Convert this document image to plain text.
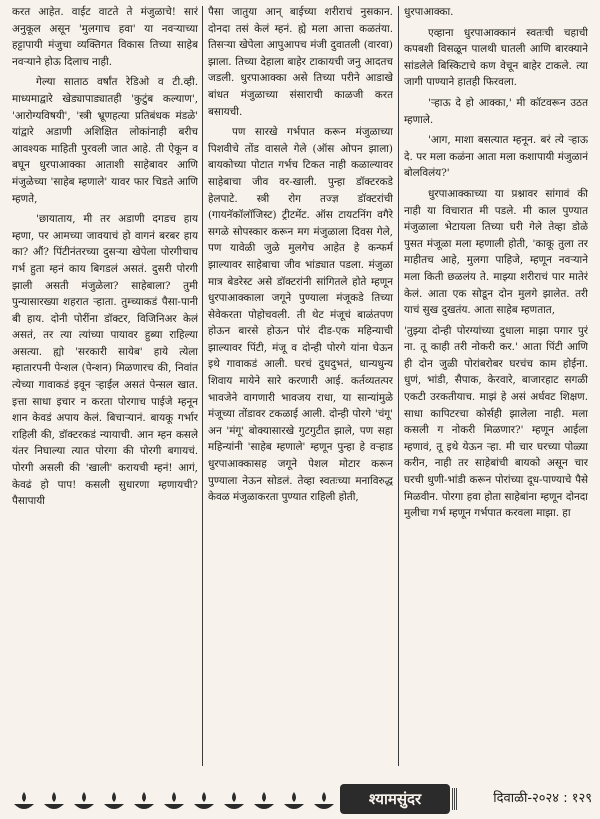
करत आहेत. वाईट वाटते ते मंजुळाचे! सारं अनुकूल असून 'मुलगाच हवा' या नवऱ्याच्या हट्टापायी मंजुचा व्यक्तिगत विकास तिच्या साहेब नवऱ्याने होऊ दिलाच नाही.

गेल्या साताठ वर्षांत रेडिओ व टी.व्ही. माध्यमाद्वारे खेड्यापाड्यातही 'कुटुंब कल्याण', 'आरोग्यविषयी', 'स्त्री भ्रूणहत्या प्रतिबंधक मंडळे' यांद्वारे अडाणी अशिक्षित लोकांनाही बरीच आवश्यक माहिती पुरवली जात आहे. ती ऐकून व बघून धुरपाआक्का आताशी साहेबावर आणि मंजुळेच्या 'साहेब म्हणाले' यावर फार चिडते आणि म्हणते,

'छायाताय, मी तर अडाणी दगडच हाय म्हणा, पर आमच्या जावयाचं हो वागनं बरबर हाय का? औं? पिंटीनंतरच्या दुसऱ्या खेपेला पोरगीचाच गर्भ हुता म्हनं काय बिगडलं असतं. दुसरी पोरगी झाली असती मंजुळेला? साहेबाला? तुमी पुन्यासारख्या शहरात ऱ्हाता. तुम्च्याकडं पैसा-पानी बी हाय. दोनी पोरींना डॉक्टर, विजिनिअर केलं असतं, तर त्या त्यांच्या पायावर हुब्या राहिल्या असत्या. ह्यो 'सरकारी सायेब' हाये त्येला म्हातारपनी पेन्शल (पेन्शन) मिळणारच की, निवांत त्येच्या गावाकडं इवून ऱ्हाईल असतं पेन्सल खात. इत्ता साधा इचार न करता पोरगाच पाईजे म्हनून शान केवडं अपाय केलं. बिचाऱ्यानं. बायकू गर्भार राहिली की, डॉक्टरकडं न्यायाची. आन म्हन कसले यंतर निघाल्या त्यात पोरगा की पोरगी बगायचं. पोरगी असली की 'खाली' करायची म्हनं! आगं, केवढं हो पाप! कसली सुधारणा म्हणायची? पैसापायी

पैसा जातुया आन् बाईच्या शरीराचं नुसकान. दोनदा तसं केलं म्हनं. ह्ये मला आत्ता कळतंया. तिसऱ्या खेपेला आपुआपच मंजी दुवातली (वारवा) झाला. तिच्या देहाला बाहेर टाकायची जनु आदतच जडली. धुरपाआक्का असे तिच्या परीने आडाखे बांधत मंजुळाच्या संसाराची काळजी करत बसायची.

पण सारखे गर्भपात करून मंजुळाच्या पिशवीचे तोंड वासले गेले (ऑस ओपन झाला) बायकोच्या पोटात गर्भच टिकत नाही कळाल्यावर साहेबाचा जीव वर-खाली. पुन्हा डॉक्टरकडे हेलपाटे. स्त्री रोग तज्ज्ञ डॉक्टरांची (गायनॅकॉलॉजिस्ट) ट्रीटमेंट. ऑस टायटनिंग वगैरे सगळे सोपस्कार करून मग मंजुळाला दिवस गेले, पण यावेळी जुळे मुलगेच आहेत हे कन्फर्म झाल्यावर साहेबाचा जीव भांड्यात पडला. मंजुळा मात्र बेडरेस्ट असे डॉक्टरांनी सांगितले होते म्हणून धुरपाआक्काला जगूने पुण्याला मंजूकडे तिच्या सेवेकरता पोहोचवली. ती थेट मंजूचं बाळंतपण होऊन बारसे होऊन पोरं दीड-एक महिन्याची झाल्यावर पिंटी, मंजू व दोन्ही पोरगे यांना घेऊन इथे गावाकडं आली. घरचं दुधदुभतं, धान्यधुन्य शिवाय मायेने सारे करणारी आई. कर्तव्यतत्पर भावजेने वागणारी भावजय राधा, या सान्यांमुळे मंजूच्या तोंडावर टकळाई आली. दोन्ही पोरगे 'चंगू' अन 'मंगू' बोक्यासारखे गुटगुटीत झाले, पण सहा महिन्यांनी 'साहेब म्हणाले' म्हणून पुन्हा हे वऱ्हाड धुरपाआक्कासह जगूने पेशल मोटार करून पुण्याला नेऊन सोडलं. तेव्हा स्वतःच्या मनाविरुद्ध केवळ मंजुळाकरता पुण्यात राहिली होती,

धुरपाआक्का.

एव्हाना धुरपाआक्कानं स्वतःची चहाची कपबशी विसळून पालथी घातली आणि बारक्याने सांडलेले बिस्किटाचे कण वेचून बाहेर टाकले. त्या जागी पाण्याने हातही फिरवला.

'ऱ्हाऊ दे हो आक्का,' मी कॉटवरून उठत म्हणाले.

'आग, माशा बसत्यात म्हनून. बरं त्ये ऱ्हाऊ दे. पर मला कळंना आता मला कशापायी मंजुळानं बोलविलंय?'

धुरपाआक्काच्या या प्रश्नावर सांगावं की नाही या विचारात मी पडले. मी काल पुण्यात मंजुळाला भेटायला तिच्या घरी गेले तेव्हा डोळे पुसत मंजूळा मला म्हणाली होती, 'काकू तुला तर माहीतच आहे, मुलगा पाहिजे, म्हणून नवऱ्याने मला किती छळलंय ते. माझ्या शरीराचं पार मातेरं केलं. आता एक सोडून दोन मुलगे झालेत. तरी याचं सुख दुखतंय. आता साहेब म्हणतात,

'तुझ्या दोन्ही पोरग्यांच्या दुधाला माझा पगार पुरं ना. तू काही तरी नोकरी कर.' आता पिंटी आणि ही दोन जुळी पोरांबरोबर घरचंच काम होईना. धुणं, भांडी, सैपाक, केरवारे, बाजारहाट सगळी एकटी उरकतीयाच. माझं हे असं अर्धवट शिक्षण. साधा कापिटरचा कोर्सही झालेला नाही. मला कसली ग नोकरी मिळणार?' म्हणून आईला म्हणावं, तू इथे येऊन ऱ्हा. मी चार घरच्या पोळ्या करीन, नाही तर साहेबांची बायको असून चार घरची धुणी-भांडी करून पोरांच्या दूध-पाण्याचे पैसे मिळवीन. पोरगा हवा होता साहेबांना म्हणून दोनदा मुलीचा गर्भ म्हणून गर्भपात करवला माझा. हा

श्यामसुंदर	दिवाळी-२०२४ : १२९
